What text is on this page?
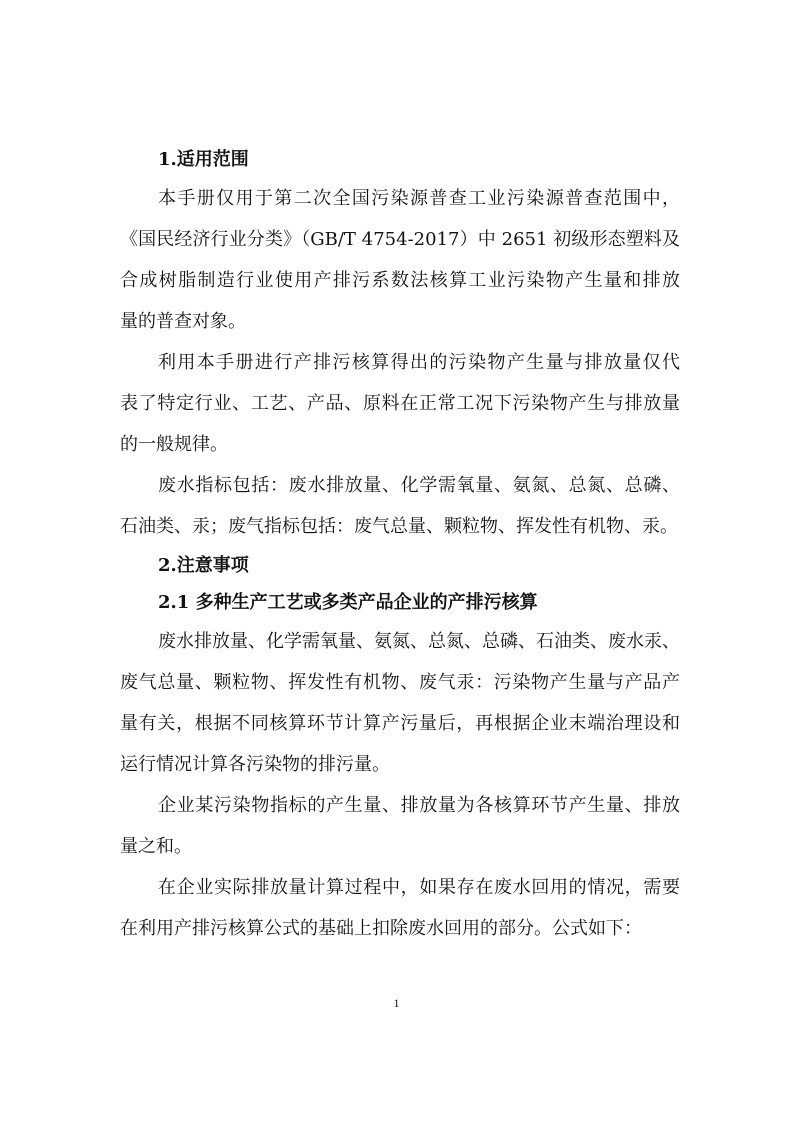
1.适用范围
本手册仅用于第二次全国污染源普查工业污染源普查范围中，
《国民经济行业分类》（GB/T 4754-2017）中 2651 初级形态塑料及
合成树脂制造行业使用产排污系数法核算工业污染物产生量和排放
量的普查对象。
利用本手册进行产排污核算得出的污染物产生量与排放量仅代
表了特定行业、工艺、产品、原料在正常工况下污染物产生与排放量
的一般规律。
废水指标包括：废水排放量、化学需氧量、氨氮、总氮、总磷、
石油类、汞；废气指标包括：废气总量、颗粒物、挥发性有机物、汞。
2.注意事项
2.1 多种生产工艺或多类产品企业的产排污核算
废水排放量、化学需氧量、氨氮、总氮、总磷、石油类、废水汞、
废气总量、颗粒物、挥发性有机物、废气汞：污染物产生量与产品产
量有关，根据不同核算环节计算产污量后，再根据企业末端治理设和
运行情况计算各污染物的排污量。
企业某污染物指标的产生量、排放量为各核算环节产生量、排放
量之和。
在企业实际排放量计算过程中，如果存在废水回用的情况，需要
在利用产排污核算公式的基础上扣除废水回用的部分。公式如下：
1
